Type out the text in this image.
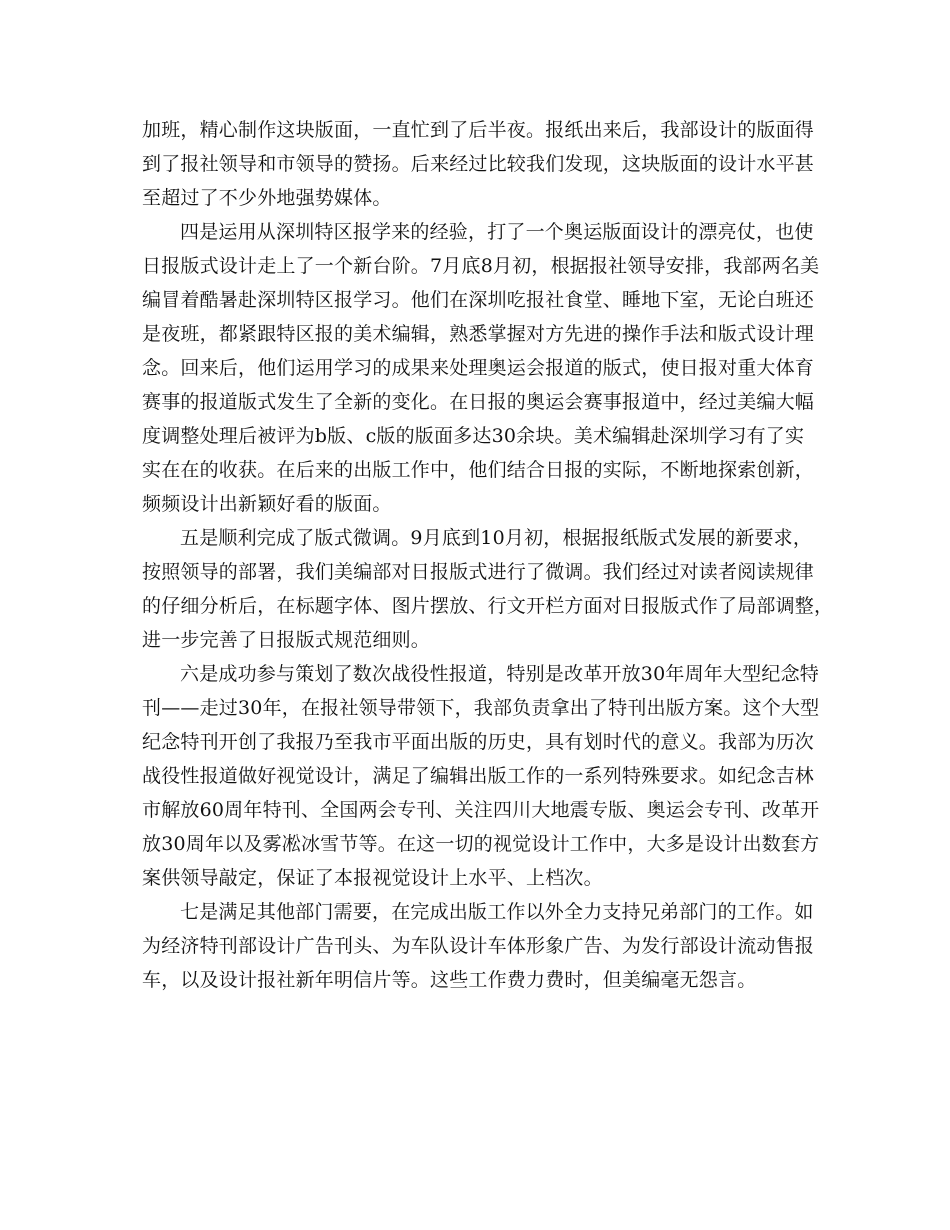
加班，精心制作这块版面，一直忙到了后半夜。报纸出来后，我部设计的版面得
到了报社领导和市领导的赞扬。后来经过比较我们发现，这块版面的设计水平甚
至超过了不少外地强势媒体。
四是运用从深圳特区报学来的经验，打了一个奥运版面设计的漂亮仗，也使
日报版式设计走上了一个新台阶。7月底8月初，根据报社领导安排，我部两名美
编冒着酷暑赴深圳特区报学习。他们在深圳吃报社食堂、睡地下室，无论白班还
是夜班，都紧跟特区报的美术编辑，熟悉掌握对方先进的操作手法和版式设计理
念。回来后，他们运用学习的成果来处理奥运会报道的版式，使日报对重大体育
赛事的报道版式发生了全新的变化。在日报的奥运会赛事报道中，经过美编大幅
度调整处理后被评为b版、c版的版面多达30余块。美术编辑赴深圳学习有了实
实在在的收获。在后来的出版工作中，他们结合日报的实际，不断地探索创新，
频频设计出新颖好看的版面。
五是顺利完成了版式微调。9月底到10月初，根据报纸版式发展的新要求，
按照领导的部署，我们美编部对日报版式进行了微调。我们经过对读者阅读规律
的仔细分析后，在标题字体、图片摆放、行文开栏方面对日报版式作了局部调整，
进一步完善了日报版式规范细则。
六是成功参与策划了数次战役性报道，特别是改革开放30年周年大型纪念特
刊——走过30年，在报社领导带领下，我部负责拿出了特刊出版方案。这个大型
纪念特刊开创了我报乃至我市平面出版的历史，具有划时代的意义。我部为历次
战役性报道做好视觉设计，满足了编辑出版工作的一系列特殊要求。如纪念吉林
市解放60周年特刊、全国两会专刊、关注四川大地震专版、奥运会专刊、改革开
放30周年以及雾凇冰雪节等。在这一切的视觉设计工作中，大多是设计出数套方
案供领导敲定，保证了本报视觉设计上水平、上档次。
七是满足其他部门需要，在完成出版工作以外全力支持兄弟部门的工作。如
为经济特刊部设计广告刊头、为车队设计车体形象广告、为发行部设计流动售报
车，以及设计报社新年明信片等。这些工作费力费时，但美编毫无怨言。
